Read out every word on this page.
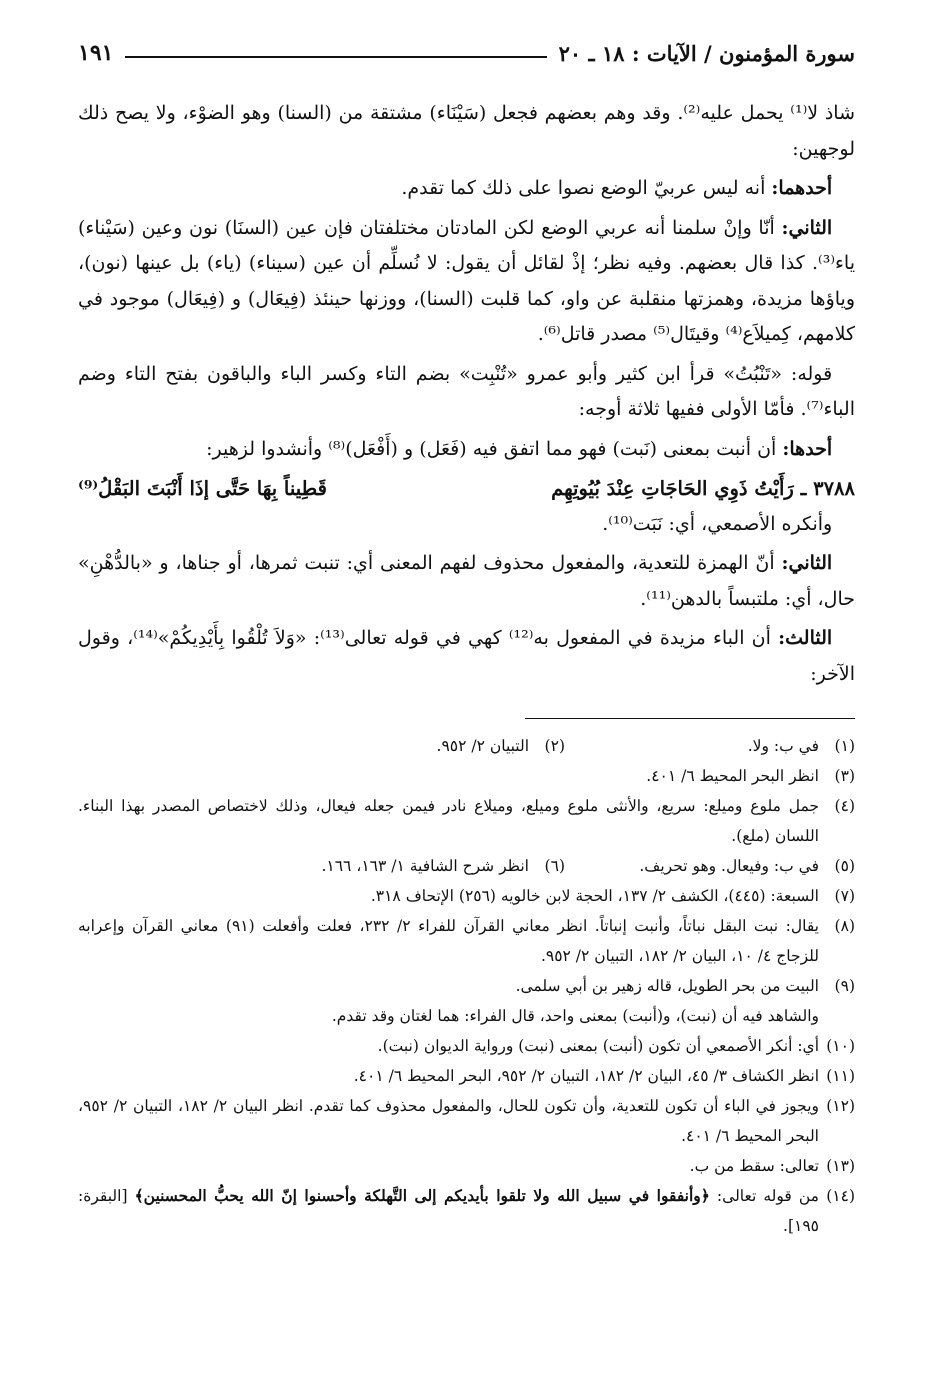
سورة المؤمنون / الآيات : ١٨ ـ ٢٠
١٩١

شاذ لا⁽¹⁾ يحمل عليه⁽²⁾. وقد وهم بعضهم فجعل (سَيْنَاء) مشتقة من (السنا) وهو الضوْء، ولا يصح ذلك لوجهين:

أحدهما: أنه ليس عربيّ الوضع نصوا على ذلك كما تقدم.

الثاني: أنّا وإنْ سلمنا أنه عربي الوضع لكن المادتان مختلفتان فإن عين (السنَا) نون وعين (سَيْناء) ياء⁽³⁾. كذا قال بعضهم. وفيه نظر؛ إذْ لقائل أن يقول: لا نُسلِّم أن عين (سيناء) (ياء) بل عينها (نون)، وياؤها مزيدة، وهمزتها منقلبة عن واو، كما قلبت (السنا)، ووزنها حينئذ (فِيعَال) و (فِيعَال) موجود في كلامهم، كِميلاَع⁽⁴⁾ وقيتَال⁽⁵⁾ مصدر قاتل⁽⁶⁾.

قوله: «تَنْبُتُ» قرأ ابن كثير وأبو عمرو «تُنْبِت» بضم التاء وكسر الباء والباقون بفتح التاء وضم الباء⁽⁷⁾. فأمّا الأولى ففيها ثلاثة أوجه:

أحدها: أن أنبت بمعنى (نَبت) فهو مما اتفق فيه (فَعَل) و (أَفْعَل)⁽⁸⁾ وأنشدوا لزهير:

٣٧٨٨ ـ رَأَيْتُ ذَوِي الحَاجَاتِ عِنْدَ بُيُوتِهِم
قَطِيناً بِهَا حَتَّى إذَا أَنْبَتَ البَقْلُ⁽⁹⁾

وأنكره الأصمعي، أي: نَبَت⁽¹⁰⁾.

الثاني: أنّ الهمزة للتعدية، والمفعول محذوف لفهم المعنى أي: تنبت ثمرها، أو جناها، و «بالدُّهْنِ» حال، أي: ملتبساً بالدهن⁽¹¹⁾.

الثالث: أن الباء مزيدة في المفعول به⁽¹²⁾ كهي في قوله تعالى⁽¹³⁾: «وَلاَ تُلْقُوا بِأَيْدِيكُمْ»⁽¹⁴⁾، وقول الآخر:

(١)
في ب: ولا.
(٢)
التبيان ٢/ ٩٥٢.
(٣)
انظر البحر المحيط ٦/ ٤٠١.
(٤)
جمل ملوع وميلع: سريع، والأنثى ملوع وميلع، وميلاع نادر فيمن جعله فيعال، وذلك لاختصاص المصدر بهذا البناء. اللسان (ملع).
(٥)
في ب: وفيعال. وهو تحريف.
(٦)
انظر شرح الشافية ١/ ١٦٣، ١٦٦.
(٧)
السبعة: (٤٤٥)، الكشف ٢/ ١٣٧، الحجة لابن خالويه (٢٥٦) الإتحاف ٣١٨.
(٨)
يقال: نبت البقل نباتاً، وأنبت إنباتاً. انظر معاني القرآن للفراء ٢/ ٢٣٢، فعلت وأفعلت (٩١) معاني القرآن وإعرابه للزجاج ٤/ ١٠، البيان ٢/ ١٨٢، التبيان ٢/ ٩٥٢.
(٩)
البيت من بحر الطويل، قاله زهير بن أبي سلمى.
والشاهد فيه أن (نبت)، و(أنبت) بمعنى واحد، قال الفراء: هما لغتان وقد تقدم.
(١٠)
أي: أنكر الأصمعي أن تكون (أنبت) بمعنى (نبت) ورواية الديوان (نبت).
(١١)
انظر الكشاف ٣/ ٤٥، البيان ٢/ ١٨٢، التبيان ٢/ ٩٥٢، البحر المحيط ٦/ ٤٠١.
(١٢)
ويجوز في الباء أن تكون للتعدية، وأن تكون للحال، والمفعول محذوف كما تقدم. انظر البيان ٢/ ١٨٢، التبيان ٢/ ٩٥٢، البحر المحيط ٦/ ٤٠١.
(١٣)
تعالى: سقط من ب.
(١٤)
من قوله تعالى: ﴿وأنفقوا في سبيل الله ولا تلقوا بأيديكم إلى التَّهلكة وأحسنوا إنّ الله يحبُّ المحسنين﴾ [البقرة: ١٩٥].
